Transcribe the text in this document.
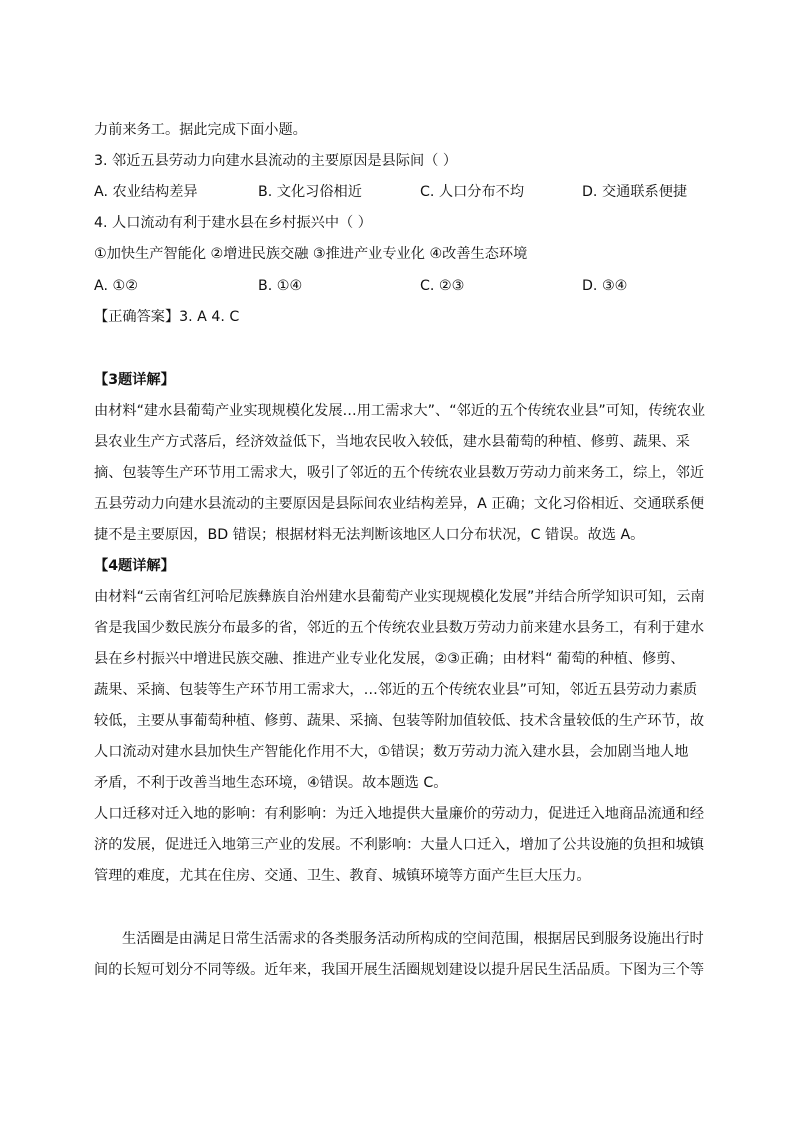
力前来务工。据此完成下面小题。
3. 邻近五县劳动力向建水县流动的主要原因是县际间（ ）
A. 农业结构差异	B. 文化习俗相近	C. 人口分布不均	D. 交通联系便捷
4. 人口流动有利于建水县在乡村振兴中（ ）
①加快生产智能化 ②增进民族交融 ③推进产业专业化 ④改善生态环境
A. ①②	B. ①④	C. ②③	D. ③④
【正确答案】3. A 4. C
【3题详解】
由材料“建水县葡萄产业实现规模化发展…用工需求大”、“邻近的五个传统农业县”可知，传统农业
县农业生产方式落后，经济效益低下，当地农民收入较低，建水县葡萄的种植、修剪、蔬果、采
摘、包装等生产环节用工需求大，吸引了邻近的五个传统农业县数万劳动力前来务工，综上，邻近
五县劳动力向建水县流动的主要原因是县际间农业结构差异，A 正确；文化习俗相近、交通联系便
捷不是主要原因，BD 错误；根据材料无法判断该地区人口分布状况，C 错误。故选 A。
【4题详解】
由材料“云南省红河哈尼族彝族自治州建水县葡萄产业实现规模化发展”并结合所学知识可知，云南
省是我国少数民族分布最多的省，邻近的五个传统农业县数万劳动力前来建水县务工，有利于建水
县在乡村振兴中增进民族交融、推进产业专业化发展，②③正确；由材料“ 葡萄的种植、修剪、
蔬果、采摘、包装等生产环节用工需求大，…邻近的五个传统农业县”可知，邻近五县劳动力素质
较低，主要从事葡萄种植、修剪、蔬果、采摘、包装等附加值较低、技术含量较低的生产环节，故
人口流动对建水县加快生产智能化作用不大，①错误；数万劳动力流入建水县，会加剧当地人地
矛盾，不利于改善当地生态环境，④错误。故本题选 C。
人口迁移对迁入地的影响：有利影响：为迁入地提供大量廉价的劳动力，促进迁入地商品流通和经
济的发展，促进迁入地第三产业的发展。不利影响：大量人口迁入，增加了公共设施的负担和城镇
管理的难度，尤其在住房、交通、卫生、教育、城镇环境等方面产生巨大压力。
生活圈是由满足日常生活需求的各类服务活动所构成的空间范围，根据居民到服务设施出行时
间的长短可划分不同等级。近年来，我国开展生活圈规划建设以提升居民生活品质。下图为三个等
